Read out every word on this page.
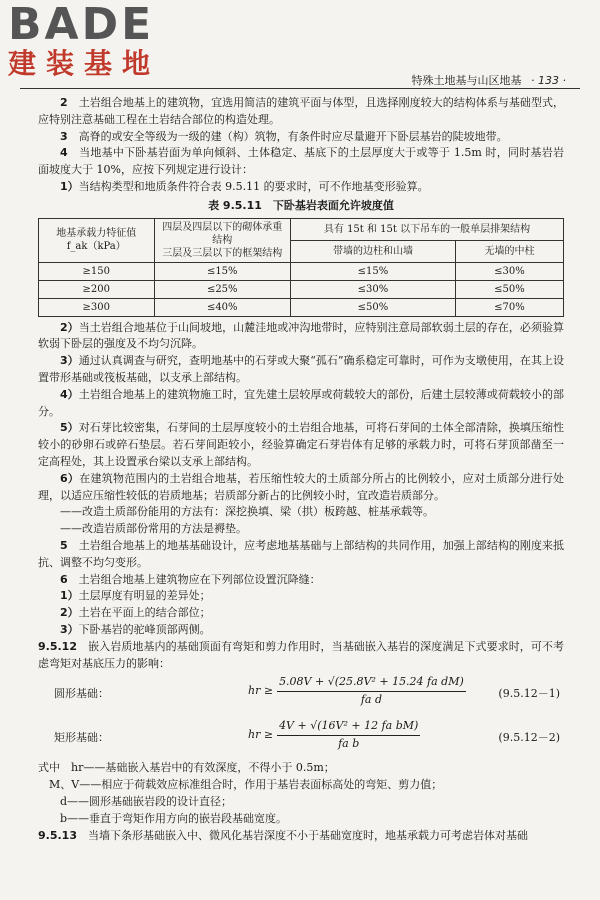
BADE
建装基地
特殊土地基与山区地基 · 133 ·

2　 土岩组合地基上的建筑物，宜选用简洁的建筑平面与体型，且选择刚度较大的结构体系与基础型式，应特别注意基础工程在土岩结合部位的构造处理。

3　 高脊的或安全等级为一级的建（构）筑物，有条件时应尽量避开下卧层基岩的陡坡地带。

4　 当地基中下卧基岩面为单向倾斜、土体稳定、基底下的土层厚度大于或等于 1.5m 时，同时基岩岩面坡度大于 10%，应按下列规定进行设计：

1）当结构类型和地质条件符合表 9.5.11 的要求时，可不作地基变形验算。

表 9.5.11　下卧基岩表面允许坡度值
地基承载力特征值
f_ak（kPa）	四层及四层以下的砌体承重结构
三层及三层以下的框架结构	具有 15t 和 15t 以下吊车的一般单层排架结构	
		带墙的边柱和山墙	无墙的中柱
≥150	≤15%	≤15%	≤30%
≥200	≤25%	≤30%	≤50%
≥300	≤40%	≤50%	≤70%

2）当土岩组合地基位于山间坡地，山麓洼地或冲沟地带时，应特别注意局部软弱土层的存在，必须验算软弱下卧层的强度及不均匀沉降。

3）通过认真调查与研究，查明地基中的石芽或大聚“孤石”确系稳定可靠时，可作为支墩使用，在其上设置带形基础或筏板基础，以支承上部结构。

4）土岩组合地基上的建筑物施工时，宜先建土层较厚或荷载较大的部份，后建土层较薄或荷载较小的部分。

5）对石芽比较密集，石芽间的土层厚度较小的土岩组合地基，可将石芽间的土体全部清除，换填压缩性较小的砂卵石或碎石垫层。若石芽间距较小，经验算确定石芽岩体有足够的承载力时，可将石芽顶部凿至一定高程处，其上设置承台梁以支承上部结构。

6）在建筑物范围内的土岩组合地基，若压缩性较大的土质部分所占的比例较小，应对土质部分进行处理，以适应压缩性较低的岩质地基；岩质部分新占的比例较小时，宜改造岩质部分。

——改造土质部份能用的方法有：深挖换填、梁（拱）板跨越、桩基承载等。

——改造岩质部份常用的方法是褥垫。

5　 土岩组合地基上的地基基础设计，应考虑地基基础与上部结构的共同作用，加强上部结构的刚度来抵抗、调整不均匀变形。

6　 土岩组合地基上建筑物应在下列部位设置沉降缝：

1）土层厚度有明显的差异处；

2）土岩在平面上的结合部位；

3）下卧基岩的驼峰顶部两侧。

9.5.12　 嵌入岩质地基内的基础顶面有弯矩和剪力作用时，当基础嵌入基岩的深度满足下式要求时，可不考虑弯矩对基底压力的影响：

圆形基础：	hr ≥ $\frac{\text{5.08V + √(25.8V² + 15.24 fa dM)}}{\text{fa d}}$	(9.5.12－1)
矩形基础：	hr ≥ $\frac{\text{4V + √(16V² + 12 fa bM)}}{\text{fa b}}$	(9.5.12－2)
式中　hr——基础嵌入基岩中的有效深度，不得小于 0.5m；
　M、V——相应于荷载效应标准组合时，作用于基岩表面标高处的弯矩、剪力值；
　　d——圆形基础嵌岩段的设计直径；
　　b——垂直于弯矩作用方向的嵌岩段基础宽度。

9.5.13　 当墙下条形基础嵌入中、微风化基岩深度不小于基础宽度时，地基承载力可考虑岩体对基础
